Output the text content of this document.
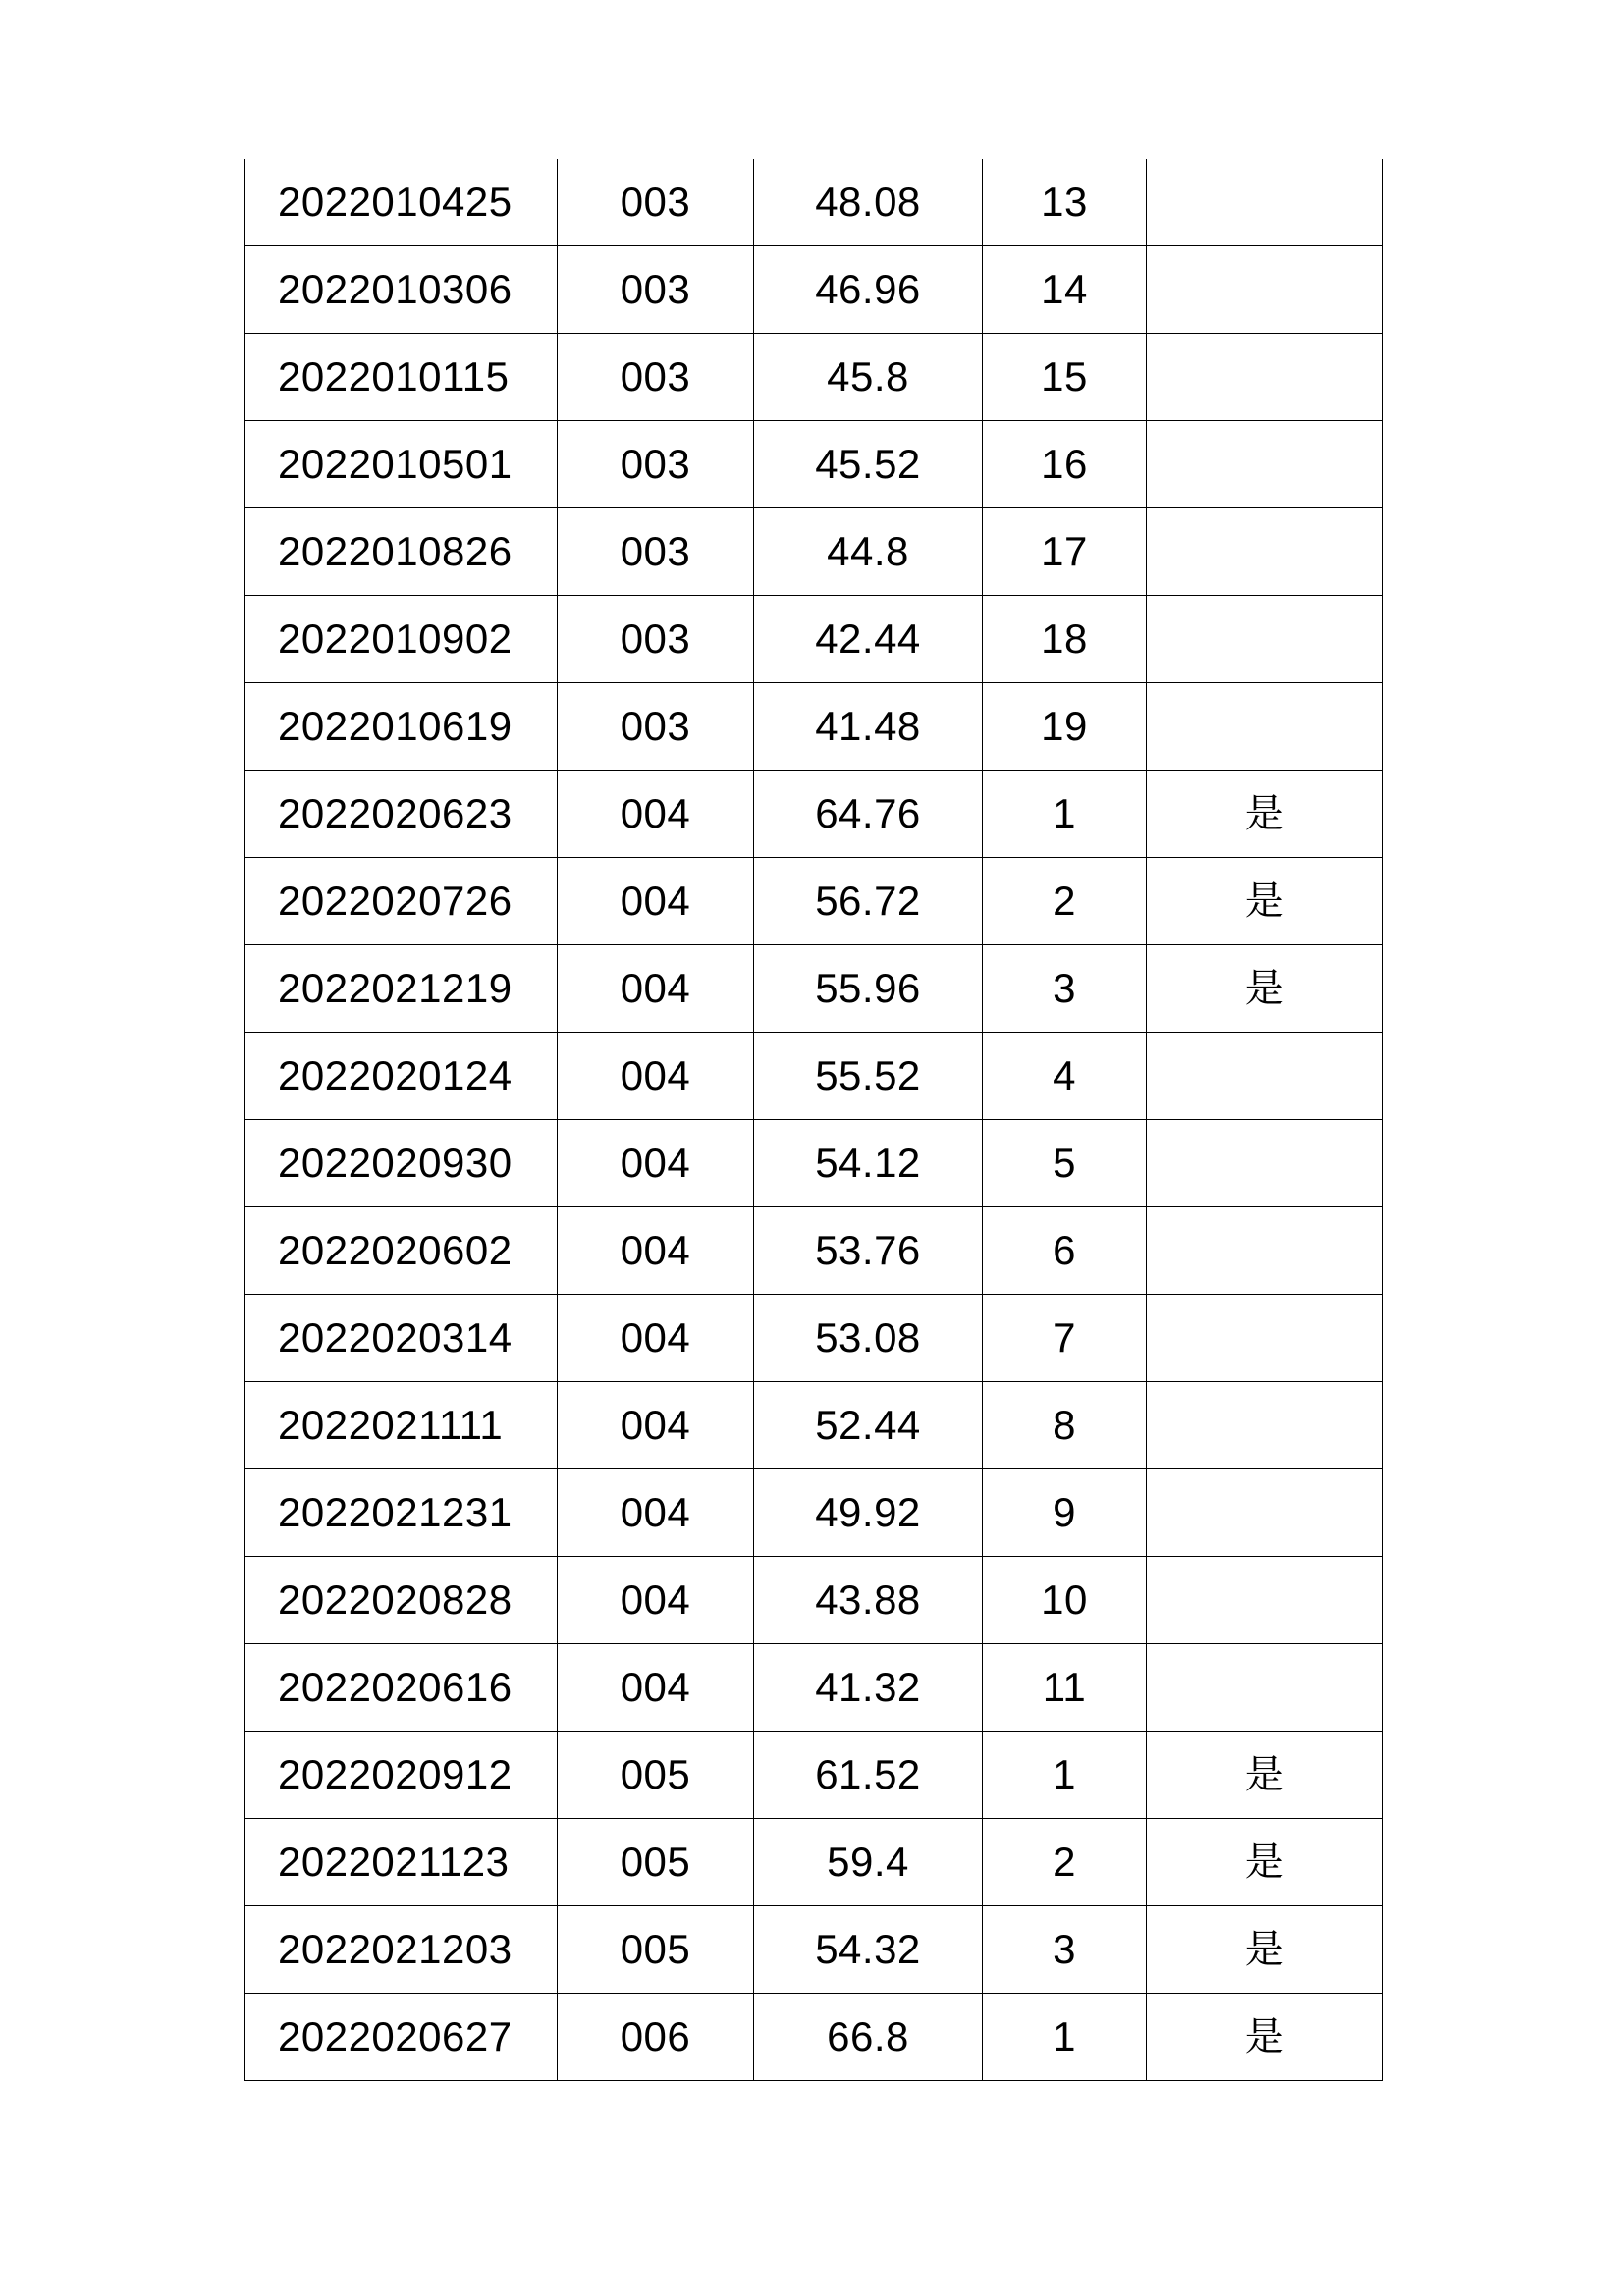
2022010425	003	48.08	13	
2022010306	003	46.96	14	
2022010115	003	45.8	15	
2022010501	003	45.52	16	
2022010826	003	44.8	17	
2022010902	003	42.44	18	
2022010619	003	41.48	19	
2022020623	004	64.76	1	是
2022020726	004	56.72	2	是
2022021219	004	55.96	3	是
2022020124	004	55.52	4	
2022020930	004	54.12	5	
2022020602	004	53.76	6	
2022020314	004	53.08	7	
2022021111	004	52.44	8	
2022021231	004	49.92	9	
2022020828	004	43.88	10	
2022020616	004	41.32	11	
2022020912	005	61.52	1	是
2022021123	005	59.4	2	是
2022021203	005	54.32	3	是
2022020627	006	66.8	1	是
